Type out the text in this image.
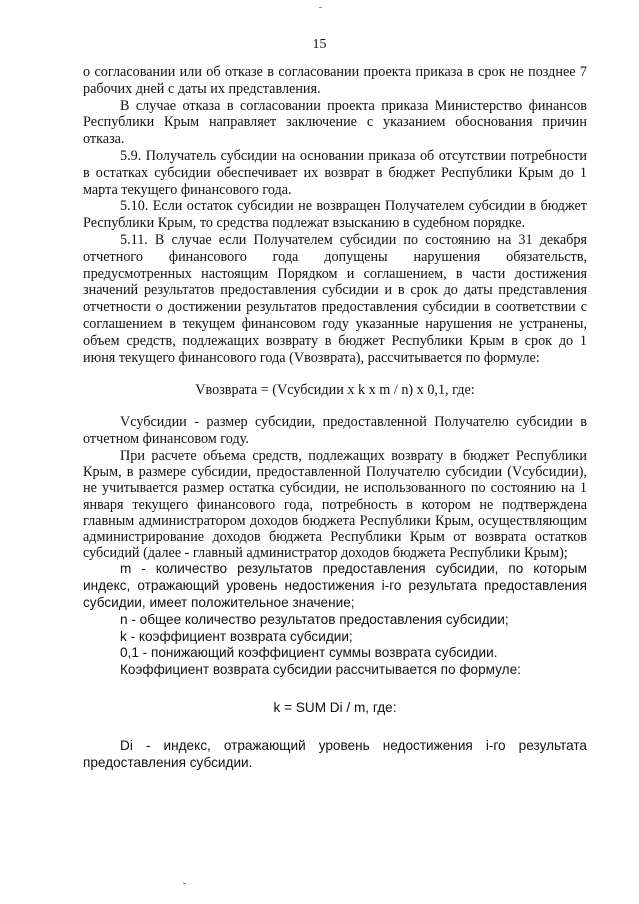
15

о согласовании или об отказе в согласовании проекта приказа в срок не позднее 7 рабочих дней с даты их представления.

В случае отказа в согласовании проекта приказа Министерство финансов Республики Крым направляет заключение с указанием обоснования причин отказа.

5.9. Получатель субсидии на основании приказа об отсутствии потребности в остатках субсидии обеспечивает их возврат в бюджет Республики Крым до 1 марта текущего финансового года.

5.10. Если остаток субсидии не возвращен Получателем субсидии в бюджет Республики Крым, то средства подлежат взысканию в судебном порядке.

5.11. В случае если Получателем субсидии по состоянию на 31 декабря отчетного финансового года допущены нарушения обязательств, предусмотренных настоящим Порядком и соглашением, в части достижения значений результатов предоставления субсидии и в срок до даты представления отчетности о достижении результатов предоставления субсидии в соответствии с соглашением в текущем финансовом году указанные нарушения не устранены, объем средств, подлежащих возврату в бюджет Республики Крым в срок до 1 июня текущего финансового года (Vвозврата), рассчитывается по формуле:

Vвозврата = (Vсубсидии x k x m / n) x 0,1, где:

Vсубсидии - размер субсидии, предоставленной Получателю субсидии в отчетном финансовом году.

При расчете объема средств, подлежащих возврату в бюджет Республики Крым, в размере субсидии, предоставленной Получателю субсидии (Vсубсидии), не учитывается размер остатка субсидии, не использованного по состоянию на 1 января текущего финансового года, потребность в котором не подтверждена главным администратором доходов бюджета Республики Крым, осуществляющим администрирование доходов бюджета Республики Крым от возврата остатков субсидий (далее - главный администратор доходов бюджета Республики Крым);

m - количество результатов предоставления субсидии, по которым индекс, отражающий уровень недостижения i-го результата предоставления субсидии, имеет положительное значение;

n - общее количество результатов предоставления субсидии;

k - коэффициент возврата субсидии;

0,1 - понижающий коэффициент суммы возврата субсидии.

Коэффициент возврата субсидии рассчитывается по формуле:

k = SUM Di / m, где:

Di - индекс, отражающий уровень недостижения i-го результата предоставления субсидии.
